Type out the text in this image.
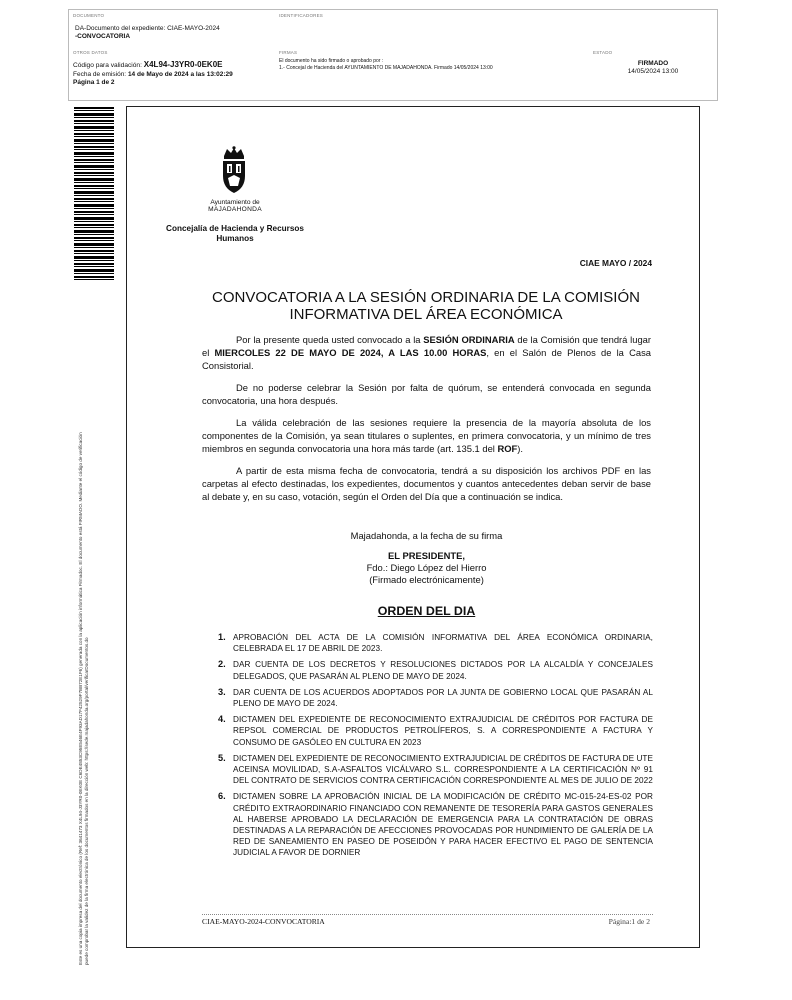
DOCUMENTO
DA-Documento del expediente: CIAE-MAYO-2024
-CONVOCATORIA
IDENTIFICADORES
OTROS DATOS
Código para validación: X4L94-J3YR0-0EK0E
Fecha de emisión: 14 de Mayo de 2024 a las 13:02:29
Página 1 de 2
FIRMAS
El documento ha sido firmado o aprobado por :
1.- Concejal de Hacienda del AYUNTAMIENTO DE MAJADAHONDA. Firmado 14/05/2024 13:00
ESTADO
FIRMADO
14/05/2024 13:00
Este es una copia impresa del documento electrónico (Ref: 3641473 X4L94-J3YR0-0EK0E C6DE4853C95E546E4F93AD17F42529F7BB72E1F6) generada con la aplicación informática Firmadoc. El documento está FIRMADO. Mediante el código de verificación puede comprobar la validez de la firma electrónica de los documentos firmados en la dirección web: https://sede.majadahonda.org/portal/verificarDocumentos.do
Ayuntamiento de
MAJADAHONDA
Concejalía de Hacienda y Recursos
Humanos
CIAE MAYO / 2024
CONVOCATORIA A LA SESIÓN ORDINARIA DE LA COMISIÓN INFORMATIVA DEL ÁREA ECONÓMICA

Por la presente queda usted convocado a la SESIÓN ORDINARIA de la Comisión que tendrá lugar el MIERCOLES 22 DE MAYO DE 2024, A LAS 10.00 HORAS, en el Salón de Plenos de la Casa Consistorial.

De no poderse celebrar la Sesión por falta de quórum, se entenderá convocada en segunda convocatoria, una hora después.

La válida celebración de las sesiones requiere la presencia de la mayoría absoluta de los componentes de la Comisión, ya sean titulares o suplentes, en primera convocatoria, y un mínimo de tres miembros en segunda convocatoria una hora más tarde (art. 135.1 del ROF).

A partir de esta misma fecha de convocatoria, tendrá a su disposición los archivos PDF en las carpetas al efecto destinadas, los expedientes, documentos y cuantos antecedentes deban servir de base al debate y, en su caso, votación, según el Orden del Día que a continuación se indica.

Majadahonda, a la fecha de su firma
EL PRESIDENTE,
Fdo.: Diego López del Hierro
(Firmado electrónicamente)
ORDEN DEL DIA
1. APROBACIÓN DEL ACTA DE LA COMISIÓN INFORMATIVA DEL ÁREA ECONÓMICA ORDINARIA, CELEBRADA EL 17 DE ABRIL DE 2023.
2. DAR CUENTA DE LOS DECRETOS Y RESOLUCIONES DICTADOS POR LA ALCALDÍA Y CONCEJALES DELEGADOS, QUE PASARÁN AL PLENO DE MAYO DE 2024.
3. DAR CUENTA DE LOS ACUERDOS ADOPTADOS POR LA JUNTA DE GOBIERNO LOCAL QUE PASARÁN AL PLENO DE MAYO DE 2024.
4. DICTAMEN DEL EXPEDIENTE DE RECONOCIMIENTO EXTRAJUDICIAL DE CRÉDITOS POR FACTURA DE REPSOL COMERCIAL DE PRODUCTOS PETROLÍFEROS, S. A CORRESPONDIENTE A FACTURA Y CONSUMO DE GASÓLEO EN CULTURA EN 2023
5. DICTAMEN DEL EXPEDIENTE DE RECONOCIMIENTO EXTRAJUDICIAL DE CRÉDITOS DE FACTURA DE UTE ACEINSA MOVILIDAD, S.A-ASFALTOS VICÁLVARO S.L. CORRESPONDIENTE A LA CERTIFICACIÓN Nº 91 DEL CONTRATO DE SERVICIOS CONTRA CERTIFICACIÓN CORRESPONDIENTE AL MES DE JULIO DE 2022
6. DICTAMEN SOBRE LA APROBACIÓN INICIAL DE LA MODIFICACIÓN DE CRÉDITO MC-015-24-ES-02 POR CRÉDITO EXTRAORDINARIO FINANCIADO CON REMANENTE DE TESORERÍA PARA GASTOS GENERALES AL HABERSE APROBADO LA DECLARACIÓN DE EMERGENCIA PARA LA CONTRATACIÓN DE OBRAS DESTINADAS A LA REPARACIÓN DE AFECCIONES PROVOCADAS POR HUNDIMIENTO DE GALERÍA DE LA RED DE SANEAMIENTO EN PASEO DE POSEIDÓN Y PARA HACER EFECTIVO EL PAGO DE SENTENCIA JUDICIAL A FAVOR DE DORNIER
CIAE-MAYO-2024-CONVOCATORIA	Página:1 de 2
